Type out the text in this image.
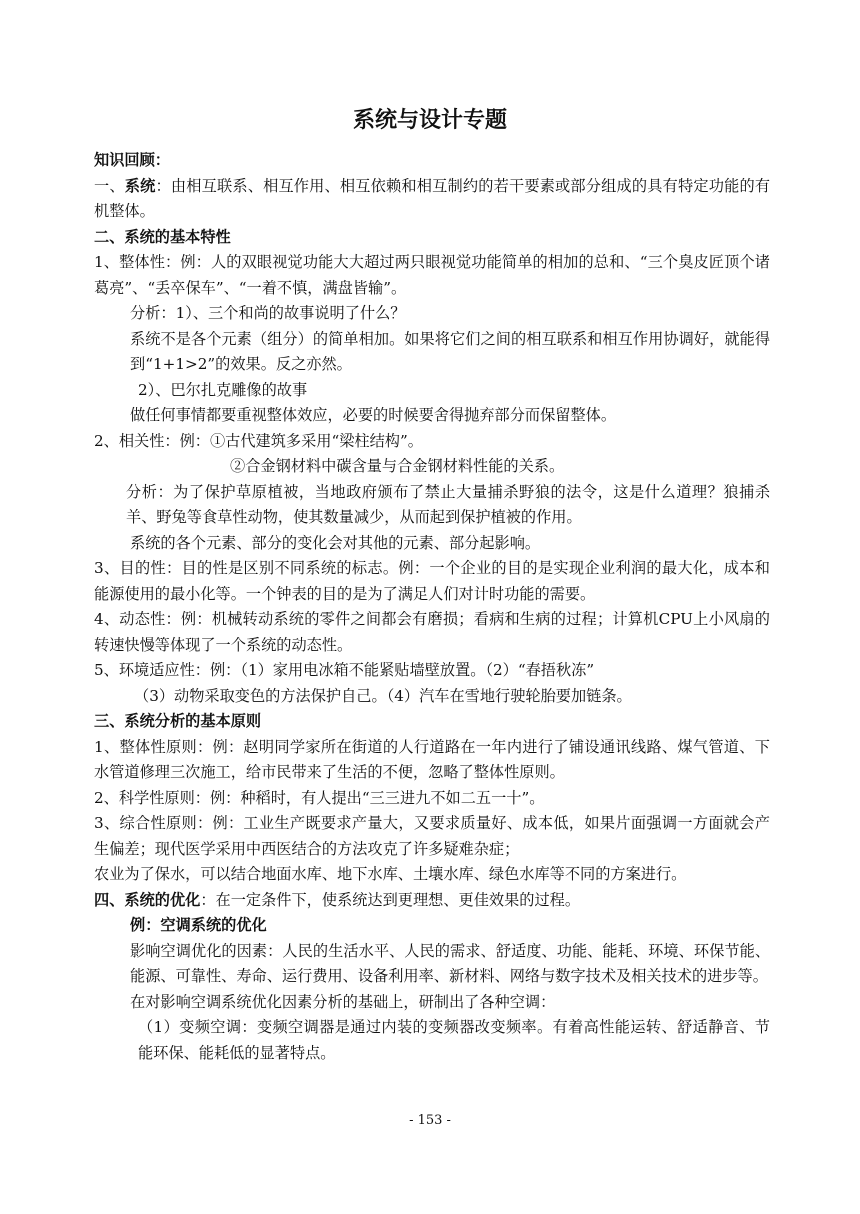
系统与设计专题
知识回顾：
一、系统：由相互联系、相互作用、相互依赖和相互制约的若干要素或部分组成的具有特定功能的有机整体。
二、系统的基本特性
1、整体性：例：人的双眼视觉功能大大超过两只眼视觉功能简单的相加的总和、“三个臭皮匠顶个诸葛亮”、“丢卒保车”、“一着不慎，满盘皆输”。
分析：1）、三个和尚的故事说明了什么？
系统不是各个元素（组分）的简单相加。如果将它们之间的相互联系和相互作用协调好，就能得到“1+1>2”的效果。反之亦然。
2）、巴尔扎克雕像的故事
做任何事情都要重视整体效应，必要的时候要舍得抛弃部分而保留整体。
2、相关性：例：①古代建筑多采用“梁柱结构”。
②合金钢材料中碳含量与合金钢材料性能的关系。
分析：为了保护草原植被，当地政府颁布了禁止大量捕杀野狼的法令，这是什么道理？狼捕杀羊、野兔等食草性动物，使其数量减少，从而起到保护植被的作用。
系统的各个元素、部分的变化会对其他的元素、部分起影响。
3、目的性：目的性是区别不同系统的标志。例：一个企业的目的是实现企业利润的最大化，成本和能源使用的最小化等。一个钟表的目的是为了满足人们对计时功能的需要。
4、动态性：例：机械转动系统的零件之间都会有磨损；看病和生病的过程；计算机CPU上小风扇的转速快慢等体现了一个系统的动态性。
5、环境适应性：例：（1）家用电冰箱不能紧贴墙壁放置。（2）“春捂秋冻”
（3）动物采取变色的方法保护自己。（4）汽车在雪地行驶轮胎要加链条。
三、系统分析的基本原则
1、整体性原则：例：赵明同学家所在街道的人行道路在一年内进行了铺设通讯线路、煤气管道、下水管道修理三次施工，给市民带来了生活的不便，忽略了整体性原则。
2、科学性原则：例：种稻时，有人提出“三三进九不如二五一十”。
3、综合性原则：例：工业生产既要求产量大，又要求质量好、成本低，如果片面强调一方面就会产生偏差；现代医学采用中西医结合的方法攻克了许多疑难杂症；
农业为了保水，可以结合地面水库、地下水库、土壤水库、绿色水库等不同的方案进行。
四、系统的优化：在一定条件下，使系统达到更理想、更佳效果的过程。
例：空调系统的优化
影响空调优化的因素：人民的生活水平、人民的需求、舒适度、功能、能耗、环境、环保节能、能源、可靠性、寿命、运行费用、设备利用率、新材料、网络与数字技术及相关技术的进步等。
在对影响空调系统优化因素分析的基础上，研制出了各种空调：
（1）变频空调：变频空调器是通过内装的变频器改变频率。有着高性能运转、舒适静音、节能环保、能耗低的显著特点。
- 153 -
